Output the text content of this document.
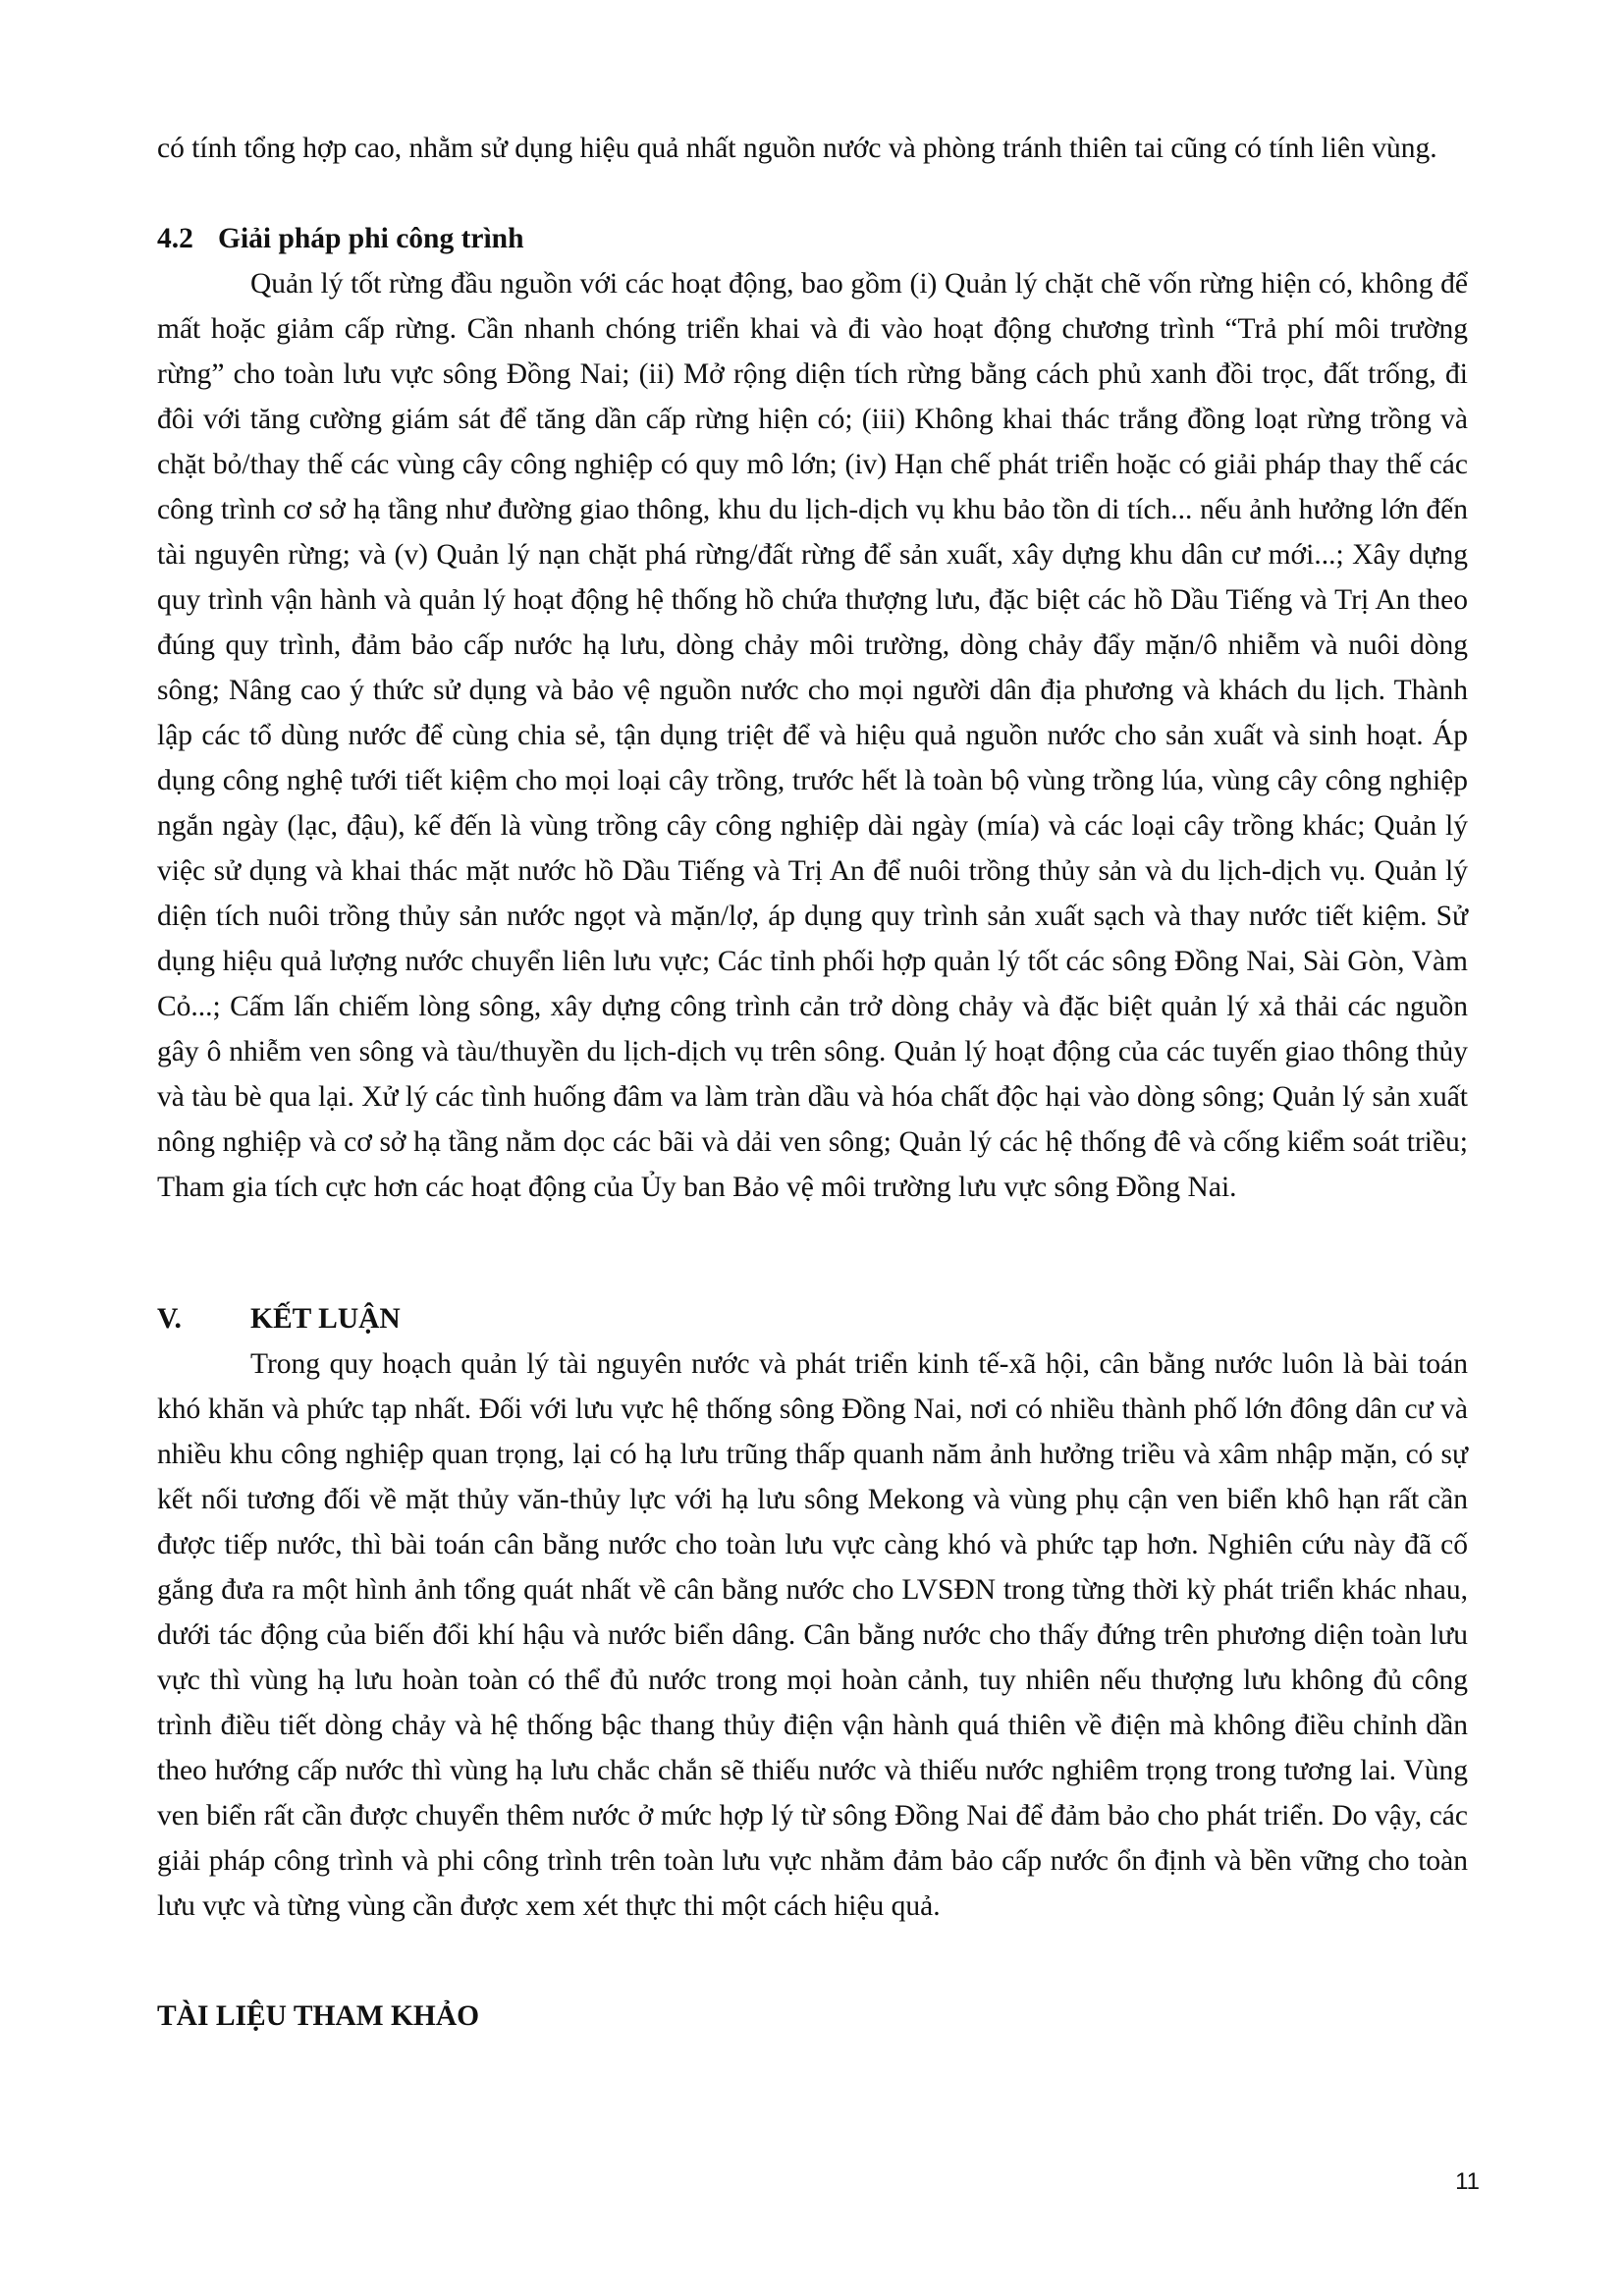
có tính tổng hợp cao, nhằm sử dụng hiệu quả nhất nguồn nước và phòng tránh thiên tai cũng có tính liên vùng.

4.2 Giải pháp phi công trình

Quản lý tốt rừng đầu nguồn với các hoạt động, bao gồm (i) Quản lý chặt chẽ vốn rừng hiện có, không để mất hoặc giảm cấp rừng. Cần nhanh chóng triển khai và đi vào hoạt động chương trình “Trả phí môi trường rừng” cho toàn lưu vực sông Đồng Nai; (ii) Mở rộng diện tích rừng bằng cách phủ xanh đồi trọc, đất trống, đi đôi với tăng cường giám sát để tăng dần cấp rừng hiện có; (iii) Không khai thác trắng đồng loạt rừng trồng và chặt bỏ/thay thế các vùng cây công nghiệp có quy mô lớn; (iv) Hạn chế phát triển hoặc có giải pháp thay thế các công trình cơ sở hạ tầng như đường giao thông, khu du lịch-dịch vụ khu bảo tồn di tích... nếu ảnh hưởng lớn đến tài nguyên rừng; và (v) Quản lý nạn chặt phá rừng/đất rừng để sản xuất, xây dựng khu dân cư mới...; Xây dựng quy trình vận hành và quản lý hoạt động hệ thống hồ chứa thượng lưu, đặc biệt các hồ Dầu Tiếng và Trị An theo đúng quy trình, đảm bảo cấp nước hạ lưu, dòng chảy môi trường, dòng chảy đẩy mặn/ô nhiễm và nuôi dòng sông; Nâng cao ý thức sử dụng và bảo vệ nguồn nước cho mọi người dân địa phương và khách du lịch. Thành lập các tổ dùng nước để cùng chia sẻ, tận dụng triệt để và hiệu quả nguồn nước cho sản xuất và sinh hoạt. Áp dụng công nghệ tưới tiết kiệm cho mọi loại cây trồng, trước hết là toàn bộ vùng trồng lúa, vùng cây công nghiệp ngắn ngày (lạc, đậu), kế đến là vùng trồng cây công nghiệp dài ngày (mía) và các loại cây trồng khác; Quản lý việc sử dụng và khai thác mặt nước hồ Dầu Tiếng và Trị An để nuôi trồng thủy sản và du lịch-dịch vụ. Quản lý diện tích nuôi trồng thủy sản nước ngọt và mặn/lợ, áp dụng quy trình sản xuất sạch và thay nước tiết kiệm. Sử dụng hiệu quả lượng nước chuyển liên lưu vực; Các tỉnh phối hợp quản lý tốt các sông Đồng Nai, Sài Gòn, Vàm Cỏ...; Cấm lấn chiếm lòng sông, xây dựng công trình cản trở dòng chảy và đặc biệt quản lý xả thải các nguồn gây ô nhiễm ven sông và tàu/thuyền du lịch-dịch vụ trên sông. Quản lý hoạt động của các tuyến giao thông thủy và tàu bè qua lại. Xử lý các tình huống đâm va làm tràn dầu và hóa chất độc hại vào dòng sông; Quản lý sản xuất nông nghiệp và cơ sở hạ tầng nằm dọc các bãi và dải ven sông; Quản lý các hệ thống đê và cống kiểm soát triều; Tham gia tích cực hơn các hoạt động của Ủy ban Bảo vệ môi trường lưu vực sông Đồng Nai.

V. KẾT LUẬN

Trong quy hoạch quản lý tài nguyên nước và phát triển kinh tế-xã hội, cân bằng nước luôn là bài toán khó khăn và phức tạp nhất. Đối với lưu vực hệ thống sông Đồng Nai, nơi có nhiều thành phố lớn đông dân cư và nhiều khu công nghiệp quan trọng, lại có hạ lưu trũng thấp quanh năm ảnh hưởng triều và xâm nhập mặn, có sự kết nối tương đối về mặt thủy văn-thủy lực với hạ lưu sông Mekong và vùng phụ cận ven biển khô hạn rất cần được tiếp nước, thì bài toán cân bằng nước cho toàn lưu vực càng khó và phức tạp hơn. Nghiên cứu này đã cố gắng đưa ra một hình ảnh tổng quát nhất về cân bằng nước cho LVSĐN trong từng thời kỳ phát triển khác nhau, dưới tác động của biến đổi khí hậu và nước biển dâng. Cân bằng nước cho thấy đứng trên phương diện toàn lưu vực thì vùng hạ lưu hoàn toàn có thể đủ nước trong mọi hoàn cảnh, tuy nhiên nếu thượng lưu không đủ công trình điều tiết dòng chảy và hệ thống bậc thang thủy điện vận hành quá thiên về điện mà không điều chỉnh dần theo hướng cấp nước thì vùng hạ lưu chắc chắn sẽ thiếu nước và thiếu nước nghiêm trọng trong tương lai. Vùng ven biển rất cần được chuyển thêm nước ở mức hợp lý từ sông Đồng Nai để đảm bảo cho phát triển. Do vậy, các giải pháp công trình và phi công trình trên toàn lưu vực nhằm đảm bảo cấp nước ổn định và bền vững cho toàn lưu vực và từng vùng cần được xem xét thực thi một cách hiệu quả.

TÀI LIỆU THAM KHẢO
11
